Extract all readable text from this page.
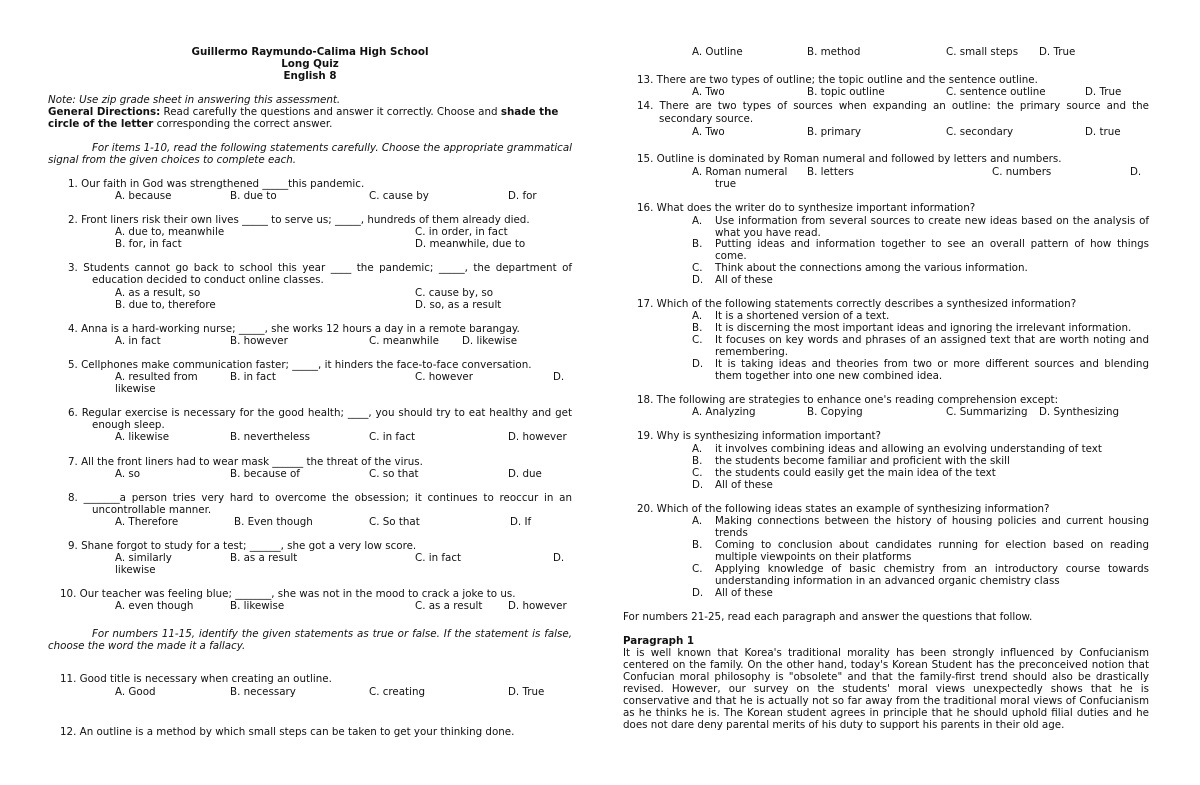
Guillermo Raymundo-Calima High School
Long Quiz
English 8
Note: Use zip grade sheet in answering this assessment.
General Directions: Read carefully the questions and answer it correctly. Choose and shade the
circle of the letter corresponding the correct answer.
For items 1-10, read the following statements carefully. Choose the appropriate grammatical signal from the given choices to complete each.
1. Our faith in God was strengthened _____this pandemic.
A. because	B. due to	C. cause by	D. for
2. Front liners risk their own lives _____ to serve us; _____, hundreds of them already died.
A. due to, meanwhile	C. in order, in fact
B. for, in fact	D. meanwhile, due to
3. Students cannot go back to school this year ____ the pandemic; _____, the department of
education decided to conduct online classes.
A. as a result, so	C. cause by, so
B. due to, therefore	D. so, as a result
4. Anna is a hard-working nurse; _____, she works 12 hours a day in a remote barangay.
A. in fact	B. however	C. meanwhile D. likewise
5. Cellphones make communication faster; _____, it hinders the face-to-face conversation.
A. resulted from	B. in fact	C. however	D.
likewise
6. Regular exercise is necessary for the good health; ____, you should try to eat healthy and get
enough sleep.
A. likewise	B. nevertheless	C. in fact	D. however
7. All the front liners had to wear mask ______ the threat of the virus.
A. so	B. because of	C. so that	D. due
8. _______a person tries very hard to overcome the obsession; it continues to reoccur in an
uncontrollable manner.
A. Therefore	B. Even though	C. So that	D. If
9. Shane forgot to study for a test; ______, she got a very low score.
A. similarly	B. as a result	C. in fact	D.
likewise
10. Our teacher was feeling blue; _______, she was not in the mood to crack a joke to us.
A. even though	B. likewise	C. as a result D. however
For numbers 11-15, identify the given statements as true or false. If the statement is false, choose the word the made it a fallacy.
11. Good title is necessary when creating an outline.
A. Good	B. necessary	C. creating	D. True
12. An outline is a method by which small steps can be taken to get your thinking done.
A. Outline	B. method	C. small steps D. True
13. There are two types of outline; the topic outline and the sentence outline.
A. Two	B. topic outline	C. sentence outline	D. True
14. There are two types of sources when expanding an outline: the primary source and the
secondary source.
A. Two	B. primary	C. secondary	D. true
15. Outline is dominated by Roman numeral and followed by letters and numbers.
A. Roman numeral B. letters	C. numbers	D.
true
16. What does the writer do to synthesize important information?
A. Use information from several sources to create new ideas based on the analysis of
what you have read.
B. Putting ideas and information together to see an overall pattern of how things
come.
C. Think about the connections among the various information.
D. All of these
17. Which of the following statements correctly describes a synthesized information?
A. It is a shortened version of a text.
B. It is discerning the most important ideas and ignoring the irrelevant information.
C. It focuses on key words and phrases of an assigned text that are worth noting and
remembering.
D. It is taking ideas and theories from two or more different sources and blending
them together into one new combined idea.
18. The following are strategies to enhance one's reading comprehension except:
A. Analyzing	B. Copying	C. Summarizing D. Synthesizing
19. Why is synthesizing information important?
A. it involves combining ideas and allowing an evolving understanding of text
B. the students become familiar and proficient with the skill
C. the students could easily get the main idea of the text
D. All of these
20. Which of the following ideas states an example of synthesizing information?
A. Making connections between the history of housing policies and current housing
trends
B. Coming to conclusion about candidates running for election based on reading
multiple viewpoints on their platforms
C. Applying knowledge of basic chemistry from an introductory course towards
understanding information in an advanced organic chemistry class
D. All of these
For numbers 21-25, read each paragraph and answer the questions that follow.
Paragraph 1
It is well known that Korea's traditional morality has been strongly influenced by Confucianism
centered on the family. On the other hand, today's Korean Student has the preconceived notion that
Confucian moral philosophy is "obsolete" and that the family-first trend should also be drastically
revised. However, our survey on the students' moral views unexpectedly shows that he is
conservative and that he is actually not so far away from the traditional moral views of Confucianism
as he thinks he is. The Korean student agrees in principle that he should uphold filial duties and he
does not dare deny parental merits of his duty to support his parents in their old age.
